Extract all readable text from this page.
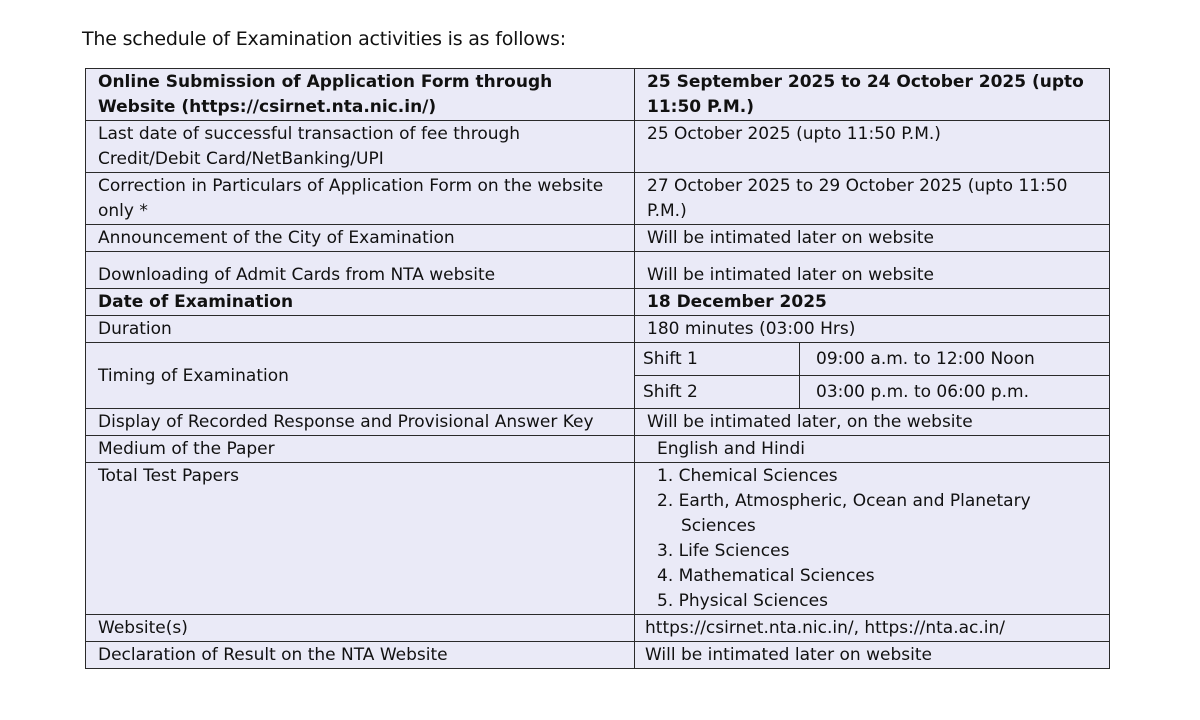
The schedule of Examination activities is as follows:
Online Submission of Application Form through Website (https://csirnet.nta.nic.in/)	25 September 2025 to 24 October 2025 (upto 11:50 P.M.)
Last date of successful transaction of fee through Credit/Debit Card/NetBanking/UPI	25 October 2025 (upto 11:50 P.M.)
Correction in Particulars of Application Form on the website only *	27 October 2025 to 29 October 2025 (upto 11:50 P.M.)
Announcement of the City of Examination	Will be intimated later on website
Downloading of Admit Cards from NTA website	Will be intimated later on website
Date of Examination	18 December 2025
Duration	180 minutes (03:00 Hrs)
Timing of Examination	
Shift 1	09:00 a.m. to 12:00 Noon
Shift 2	03:00 p.m. to 06:00 p.m.

Display of Recorded Response and Provisional Answer Key	Will be intimated later, on the website
Medium of the Paper	English and Hindi
Total Test Papers	1. Chemical Sciences
2. Earth, Atmospheric, Ocean and Planetary Sciences
3. Life Sciences
4. Mathematical Sciences
5. Physical Sciences

Website(s)	https://csirnet.nta.nic.in/, https://nta.ac.in/
Declaration of Result on the NTA Website	Will be intimated later on website
